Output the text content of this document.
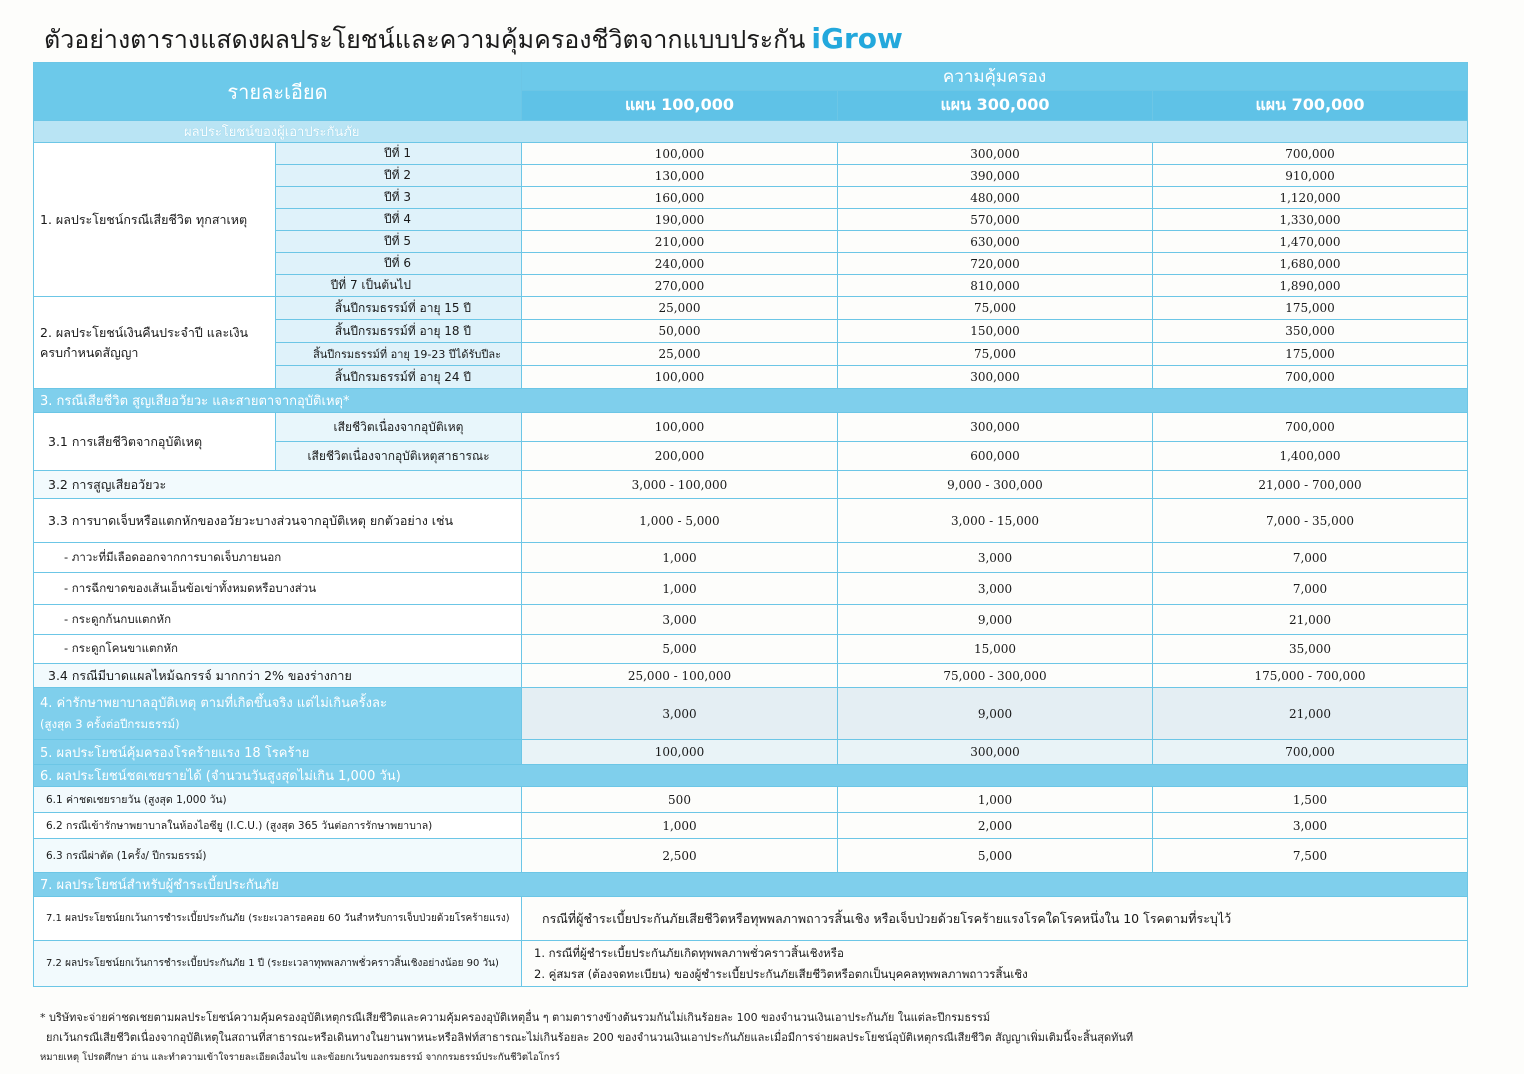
ตัวอย่างตารางแสดงผลประโยชน์และความคุ้มครองชีวิตจากแบบประกัน iGrow
รายละเอียด		ความคุ้มครอง		
		แผน 100,000	แผน 300,000	แผน 700,000
ผลประโยชน์ของผู้เอาประกันภัย				
1. ผลประโยชน์กรณีเสียชีวิต ทุกสาเหตุ	ปีที่ 1	100,000	300,000	700,000
	ปีที่ 2	130,000	390,000	910,000
	ปีที่ 3	160,000	480,000	1,120,000
	ปีที่ 4	190,000	570,000	1,330,000
	ปีที่ 5	210,000	630,000	1,470,000
	ปีที่ 6	240,000	720,000	1,680,000
	ปีที่ 7 เป็นต้นไป	270,000	810,000	1,890,000
2. ผลประโยชน์เงินคืนประจำปี และเงินครบกำหนดสัญญา	สิ้นปีกรมธรรม์ที่ อายุ 15 ปี	25,000	75,000	175,000
	สิ้นปีกรมธรรม์ที่ อายุ 18 ปี	50,000	150,000	350,000
	สิ้นปีกรมธรรม์ที่ อายุ 19-23 ปีได้รับปีละ	25,000	75,000	175,000
	สิ้นปีกรมธรรม์ที่ อายุ 24 ปี	100,000	300,000	700,000
3. กรณีเสียชีวิต สูญเสียอวัยวะ และสายตาจากอุบัติเหตุ*				
3.1 การเสียชีวิตจากอุบัติเหตุ	เสียชีวิตเนื่องจากอุบัติเหตุ	100,000	300,000	700,000
	เสียชีวิตเนื่องจากอุบัติเหตุสาธารณะ	200,000	600,000	1,400,000
3.2 การสูญเสียอวัยวะ		3,000 - 100,000	9,000 - 300,000	21,000 - 700,000
3.3 การบาดเจ็บหรือแตกหักของอวัยวะบางส่วนจากอุบัติเหตุ ยกตัวอย่าง เช่น		1,000 - 5,000	3,000 - 15,000	7,000 - 35,000
- ภาวะที่มีเลือดออกจากการบาดเจ็บภายนอก		1,000	3,000	7,000
- การฉีกขาดของเส้นเอ็นข้อเข่าทั้งหมดหรือบางส่วน		1,000	3,000	7,000
- กระดูกก้นกบแตกหัก		3,000	9,000	21,000
- กระดูกโคนขาแตกหัก		5,000	15,000	35,000
3.4 กรณีมีบาดแผลไหม้ฉกรรจ์ มากกว่า 2% ของร่างกาย		25,000 - 100,000	75,000 - 300,000	175,000 - 700,000

4. ค่ารักษาพยาบาลอุบัติเหตุ ตามที่เกิดขึ้นจริง แต่ไม่เกินครั้งละ
(สูงสุด 3 ครั้งต่อปีกรมธรรม์)		3,000	9,000	21,000
5. ผลประโยชน์คุ้มครองโรคร้ายแรง 18 โรคร้าย		100,000	300,000	700,000
6. ผลประโยชน์ชดเชยรายได้ (จำนวนวันสูงสุดไม่เกิน 1,000 วัน)				
6.1 ค่าชดเชยรายวัน (สูงสุด 1,000 วัน)		500	1,000	1,500
6.2 กรณีเข้ารักษาพยาบาลในห้องไอซียู (I.C.U.) (สูงสุด 365 วันต่อการรักษาพยาบาล)		1,000	2,000	3,000
6.3 กรณีผ่าตัด (1ครั้ง/ ปีกรมธรรม์)		2,500	5,000	7,500
7. ผลประโยชน์สำหรับผู้ชำระเบี้ยประกันภัย				
7.1 ผลประโยชน์ยกเว้นการชำระเบี้ยประกันภัย (ระยะเวลารอคอย 60 วันสำหรับการเจ็บป่วยด้วยโรคร้ายแรง)		กรณีที่ผู้ชำระเบี้ยประกันภัยเสียชีวิตหรือทุพพลภาพถาวรสิ้นเชิง หรือเจ็บป่วยด้วยโรคร้ายแรงโรคใดโรคหนึ่งใน 10 โรคตามที่ระบุไว้		
7.2 ผลประโยชน์ยกเว้นการชำระเบี้ยประกันภัย 1 ปี (ระยะเวลาทุพพลภาพชั่วคราวสิ้นเชิงอย่างน้อย 90 วัน)		1. กรณีที่ผู้ชำระเบี้ยประกันภัยเกิดทุพพลภาพชั่วคราวสิ้นเชิงหรือ
2. คู่สมรส (ต้องจดทะเบียน) ของผู้ชำระเบี้ยประกันภัยเสียชีวิตหรือตกเป็นบุคคลทุพพลภาพถาวรสิ้นเชิง		
* บริษัทจะจ่ายค่าชดเชยตามผลประโยชน์ความคุ้มครองอุบัติเหตุกรณีเสียชีวิตและความคุ้มครองอุบัติเหตุอื่น ๆ ตามตารางข้างต้นรวมกันไม่เกินร้อยละ 100 ของจำนวนเงินเอาประกันภัย ในแต่ละปีกรมธรรม์
ยกเว้นกรณีเสียชีวิตเนื่องจากอุบัติเหตุในสถานที่สาธารณะหรือเดินทางในยานพาหนะหรือลิฟท์สาธารณะไม่เกินร้อยละ 200 ของจำนวนเงินเอาประกันภัยและเมื่อมีการจ่ายผลประโยชน์อุบัติเหตุกรณีเสียชีวิต สัญญาเพิ่มเติมนี้จะสิ้นสุดทันที
หมายเหตุ โปรดศึกษา อ่าน และทำความเข้าใจรายละเอียดเงื่อนไข และข้อยกเว้นของกรมธรรม์ จากกรมธรรม์ประกันชีวิตไอโกรว์
